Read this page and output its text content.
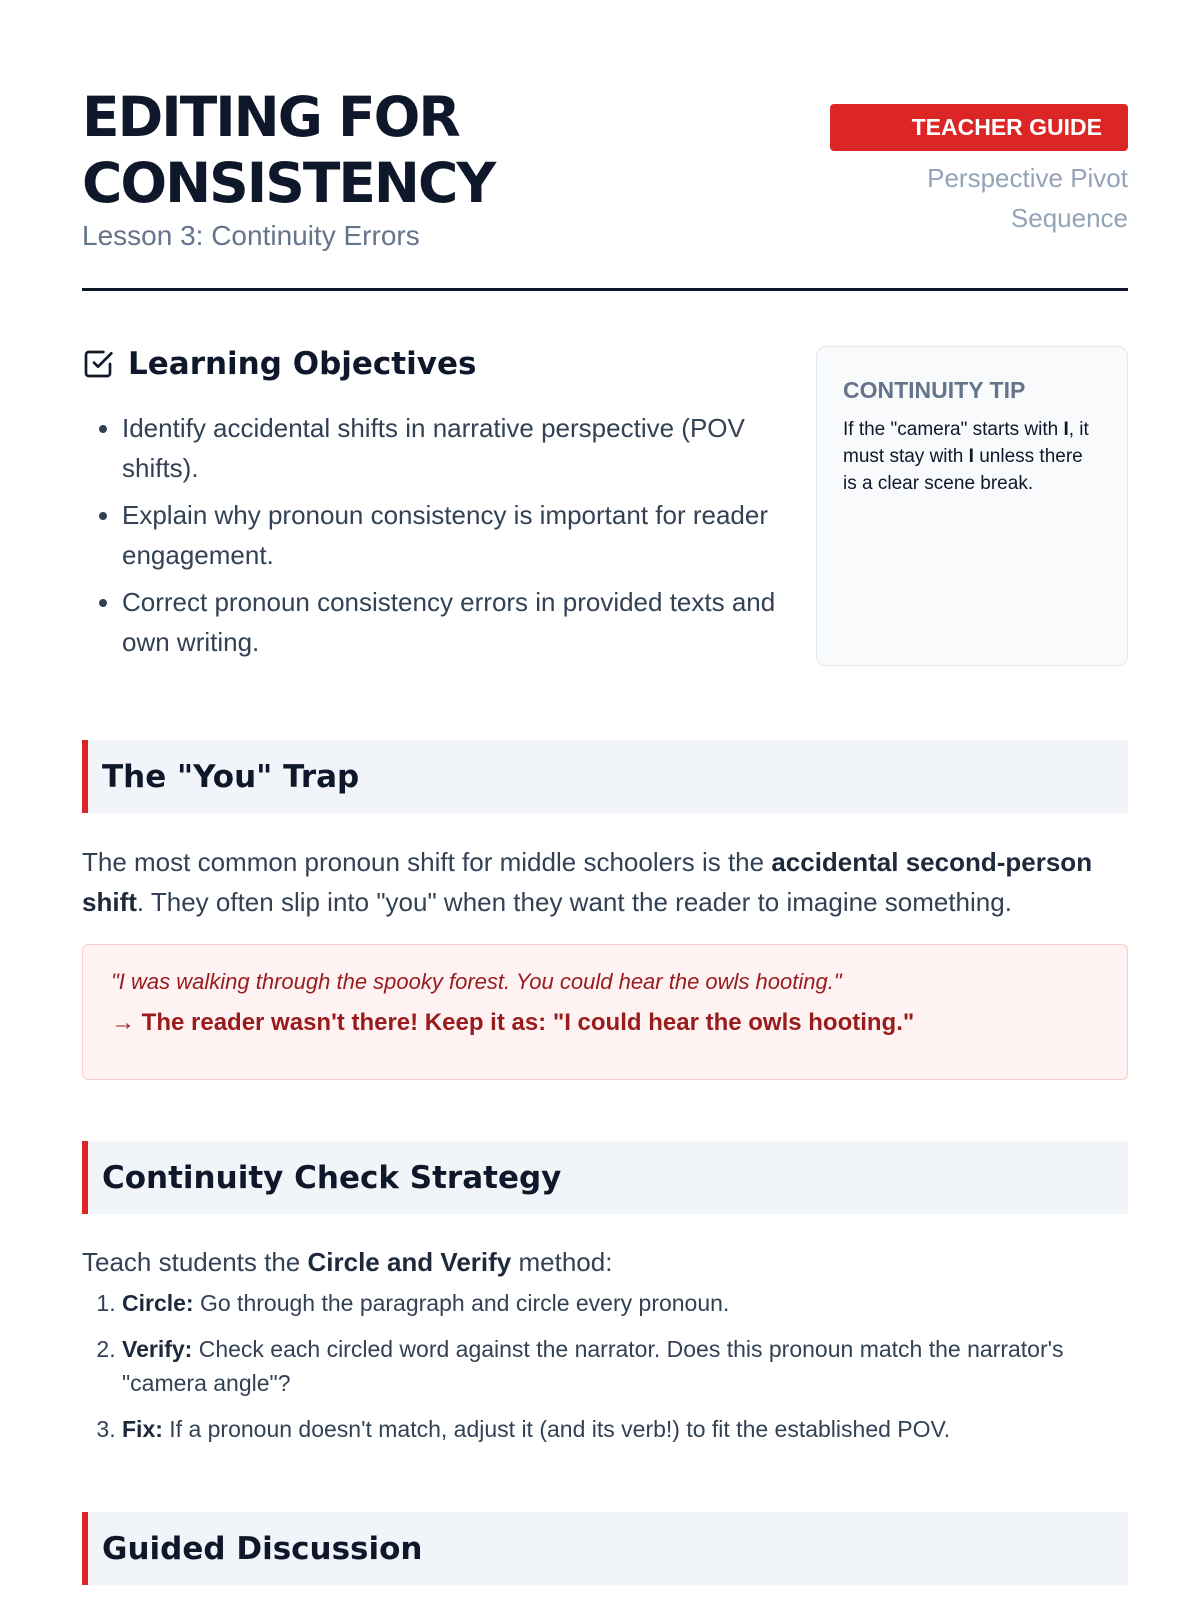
EDITING FOR CONSISTENCY

Lesson 3: Continuity Errors

TEACHER GUIDE
Perspective Pivot Sequence
Learning Objectives
• Identify accidental shifts in narrative perspective (POV shifts).
• Explain why pronoun consistency is important for reader engagement.
• Correct pronoun consistency errors in provided texts and own writing.

CONTINUITY TIP

If the "camera" starts with I, it must stay with I unless there is a clear scene break.

The "You" Trap

The most common pronoun shift for middle schoolers is the accidental second-person shift. They often slip into "you" when they want the reader to imagine something.

"I was walking through the spooky forest. You could hear the owls hooting."

→ The reader wasn't there! Keep it as: "I could hear the owls hooting."

Continuity Check Strategy

Teach students the Circle and Verify method:

1. Circle: Go through the paragraph and circle every pronoun.
2. Verify: Check each circled word against the narrator. Does this pronoun match the narrator's "camera angle"?
3. Fix: If a pronoun doesn't match, adjust it (and its verb!) to fit the established POV.
Guided Discussion
